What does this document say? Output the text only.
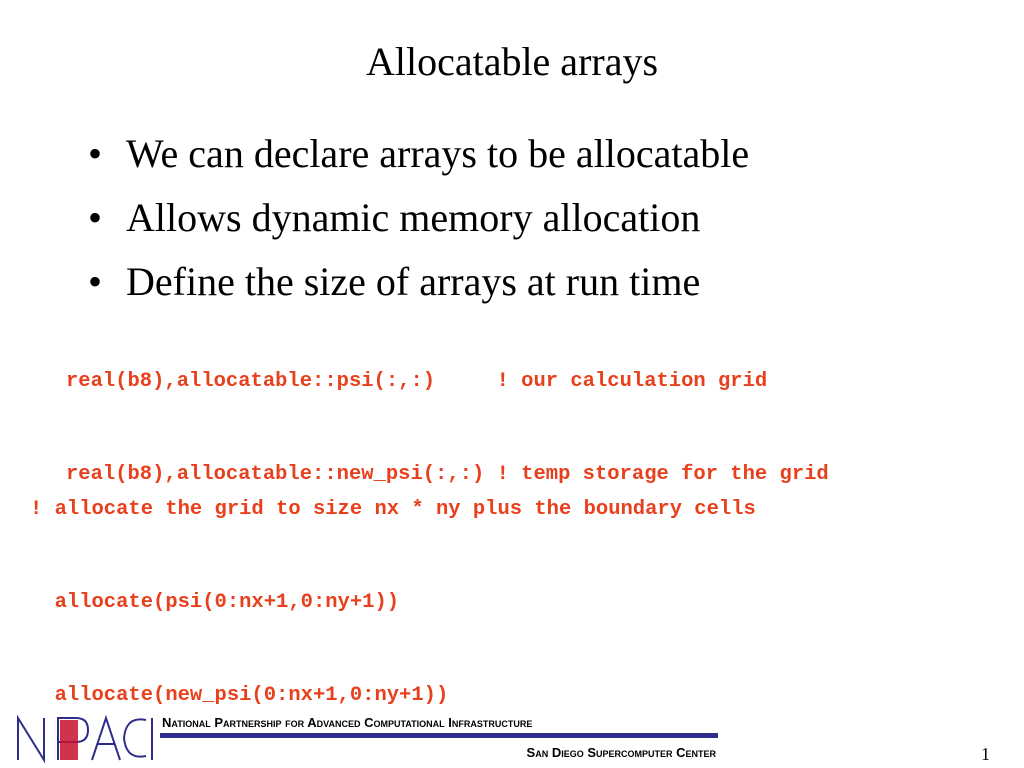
Allocatable arrays
• We can declare arrays to be allocatable
• Allows dynamic memory allocation
• Define the size of arrays at run time

real(b8),allocatable::psi(:,:)     ! our calculation grid

real(b8),allocatable::new_psi(:,:) ! temp storage for the grid

! allocate the grid to size nx * ny plus the boundary cells

allocate(psi(0:nx+1,0:ny+1))

allocate(new_psi(0:nx+1,0:ny+1))

National Partnership for Advanced Computational Infrastructure
San Diego Supercomputer Center	1
